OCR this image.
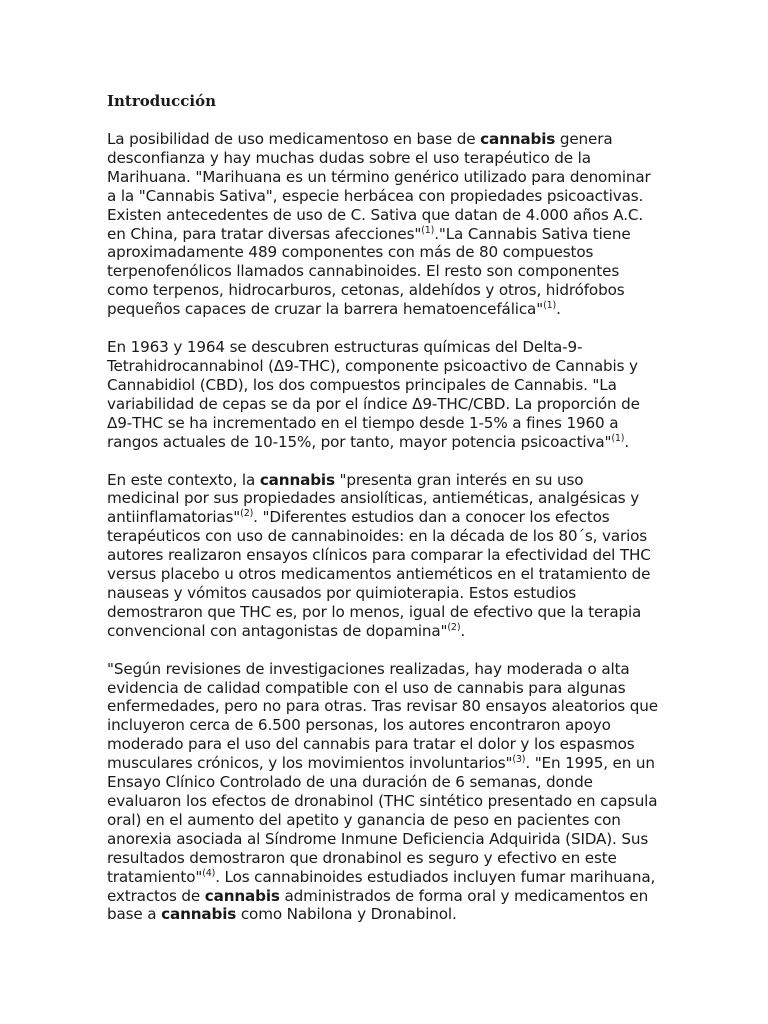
Introducción

La posibilidad de uso medicamentoso en base de cannabis genera desconfianza y hay muchas dudas sobre el uso terapéutico de la Marihuana. "Marihuana es un término genérico utilizado para denominar a la "Cannabis Sativa", especie herbácea con propiedades psicoactivas. Existen antecedentes de uso de C. Sativa que datan de 4.000 años A.C. en China, para tratar diversas afecciones"$^{(1)}$."La Cannabis Sativa tiene aproximadamente 489 componentes con más de 80 compuestos terpenofenólicos llamados cannabinoides. El resto son componentes como terpenos, hidrocarburos, cetonas, aldehídos y otros, hidrófobos pequeños capaces de cruzar la barrera hematoencefálica"$^{(1)}$.

En 1963 y 1964 se descubren estructuras químicas del Delta-9-Tetrahidrocannabinol (Δ9-THC), componente psicoactivo de Cannabis y Cannabidiol (CBD), los dos compuestos principales de Cannabis. "La variabilidad de cepas se da por el índice Δ9-THC/CBD. La proporción de Δ9-THC se ha incrementado en el tiempo desde 1-5% a fines 1960 a rangos actuales de 10-15%, por tanto, mayor potencia psicoactiva"$^{(1)}$.

En este contexto, la cannabis "presenta gran interés en su uso medicinal por sus propiedades ansiolíticas, antieméticas, analgésicas y antiinflamatorias"$^{(2)}$. "Diferentes estudios dan a conocer los efectos terapéuticos con uso de cannabinoides: en la década de los 80´s, varios autores realizaron ensayos clínicos para comparar la efectividad del THC versus placebo u otros medicamentos antieméticos en el tratamiento de nauseas y vómitos causados por quimioterapia. Estos estudios demostraron que THC es, por lo menos, igual de efectivo que la terapia convencional con antagonistas de dopamina"$^{(2)}$.

"Según revisiones de investigaciones realizadas, hay moderada o alta evidencia de calidad compatible con el uso de cannabis para algunas enfermedades, pero no para otras. Tras revisar 80 ensayos aleatorios que incluyeron cerca de 6.500 personas, los autores encontraron apoyo moderado para el uso del cannabis para tratar el dolor y los espasmos musculares crónicos, y los movimientos involuntarios"$^{(3)}$. "En 1995, en un Ensayo Clínico Controlado de una duración de 6 semanas, donde evaluaron los efectos de dronabinol (THC sintético presentado en capsula oral) en el aumento del apetito y ganancia de peso en pacientes con anorexia asociada al Síndrome Inmune Deficiencia Adquirida (SIDA). Sus resultados demostraron que dronabinol es seguro y efectivo en este tratamiento"$^{(4)}$. Los cannabinoides estudiados incluyen fumar marihuana, extractos de cannabis administrados de forma oral y medicamentos en base a cannabis como Nabilona y Dronabinol.
